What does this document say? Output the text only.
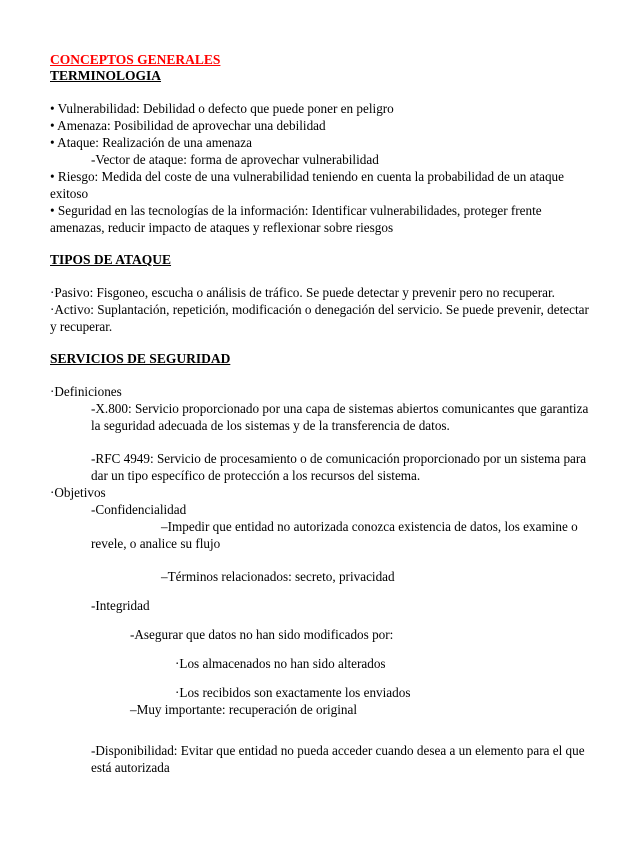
CONCEPTOS GENERALES

TERMINOLOGIA

• Vulnerabilidad: Debilidad o defecto que puede poner en peligro

• Amenaza: Posibilidad de aprovechar una debilidad

• Ataque: Realización de una amenaza

-Vector de ataque: forma de aprovechar vulnerabilidad

• Riesgo: Medida del coste de una vulnerabilidad teniendo en cuenta la probabilidad de un ataque exitoso

• Seguridad en las tecnologías de la información: Identificar vulnerabilidades, proteger frente amenazas, reducir impacto de ataques y reflexionar sobre riesgos

TIPOS DE ATAQUE

·Pasivo: Fisgoneo, escucha o análisis de tráfico. Se puede detectar y prevenir pero no recuperar.

·Activo: Suplantación, repetición, modificación o denegación del servicio. Se puede prevenir, detectar y recuperar.

SERVICIOS DE SEGURIDAD

·Definiciones

-X.800: Servicio proporcionado por una capa de sistemas abiertos comunicantes que garantiza la seguridad adecuada de los sistemas y de la transferencia de datos.

-RFC 4949: Servicio de procesamiento o de comunicación proporcionado por un sistema para dar un tipo específico de protección a los recursos del sistema.

·Objetivos

-Confidencialidad

–Impedir que entidad no autorizada conozca existencia de datos, los examine o revele, o analice su flujo

–Términos relacionados: secreto, privacidad

-Integridad

-Asegurar que datos no han sido modificados por:

·Los almacenados no han sido alterados

·Los recibidos son exactamente los enviados

–Muy importante: recuperación de original

-Disponibilidad: Evitar que entidad no pueda acceder cuando desea a un elemento para el que está autorizada
